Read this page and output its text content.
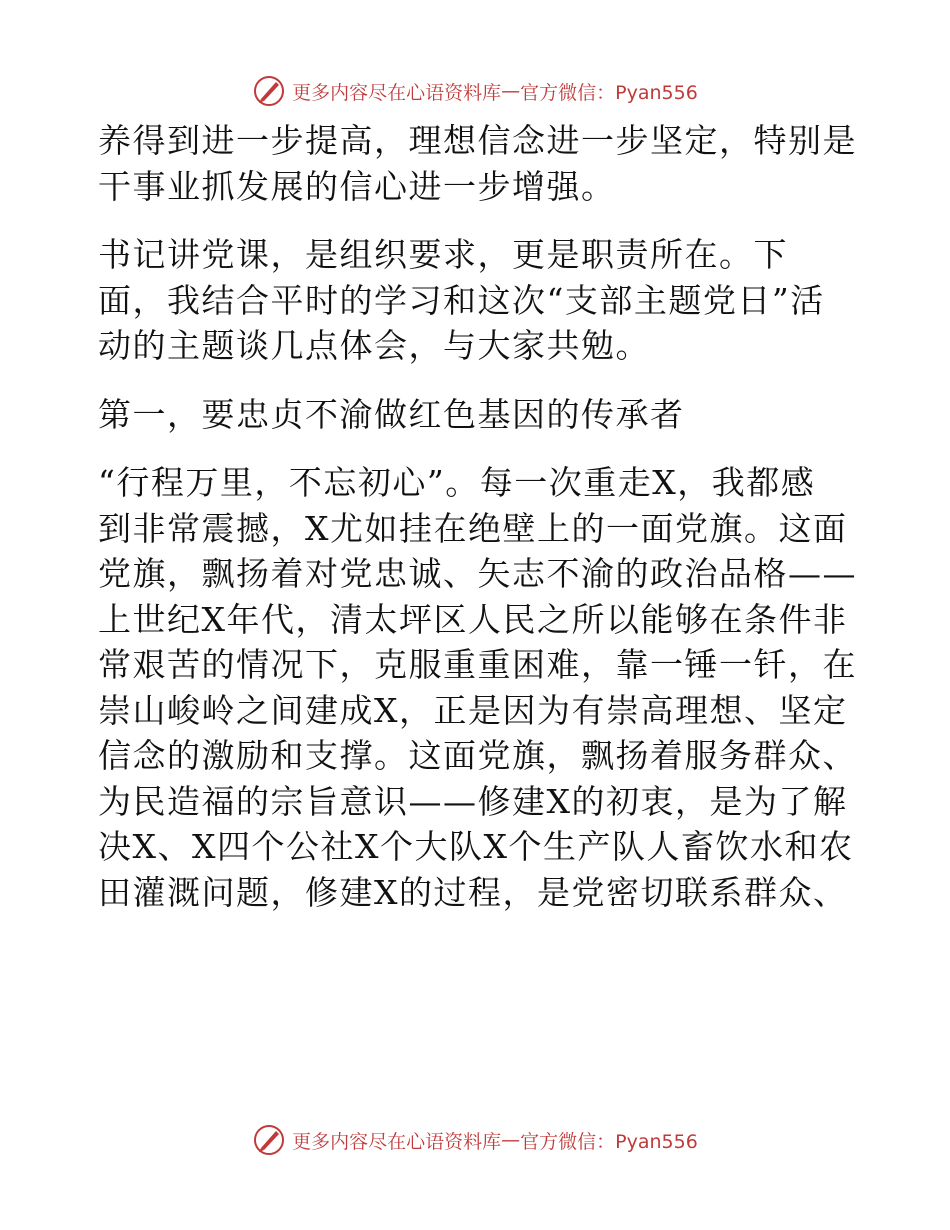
更多内容尽在心语资料库 — 官方微信：Pyan556
养得到进一步提高，理想信念进一步坚定，特别是
干事业抓发展的信心进一步增强。
书记讲党课，是组织要求，更是职责所在。下
面，我结合平时的学习和这次“支部主题党日”活
动的主题谈几点体会，与大家共勉。
第一，要忠贞不渝做红色基因的传承者
“行程万里，不忘初心”。每一次重走X，我都感
到非常震撼，X尤如挂在绝壁上的一面党旗。这面
党旗，飘扬着对党忠诚、矢志不渝的政治品格——
上世纪X年代，清太坪区人民之所以能够在条件非
常艰苦的情况下，克服重重困难，靠一锤一钎，在
崇山峻岭之间建成X，正是因为有崇高理想、坚定
信念的激励和支撑。这面党旗，飘扬着服务群众、
为民造福的宗旨意识——修建X的初衷，是为了解
决X、X四个公社X个大队X个生产队人畜饮水和农
田灌溉问题，修建X的过程，是党密切联系群众、
更多内容尽在心语资料库 — 官方微信：Pyan556
